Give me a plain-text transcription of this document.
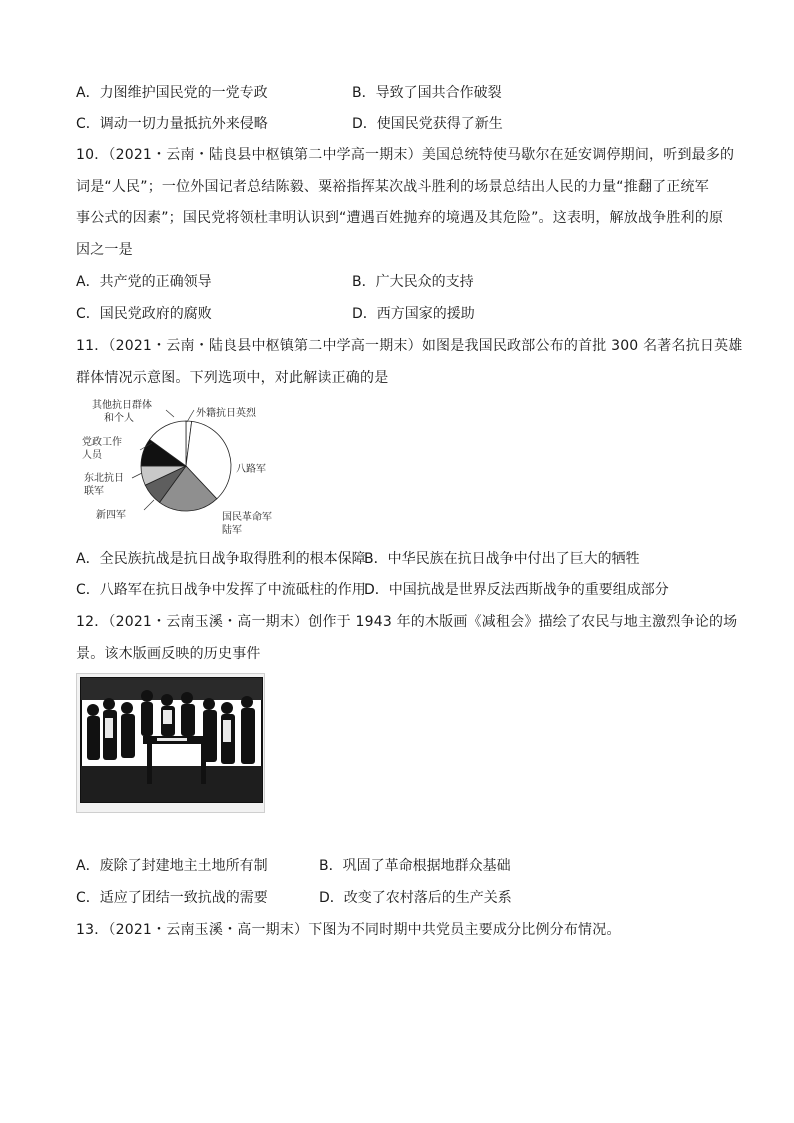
A．力图维护国民党的一党专政	B．导致了国共合作破裂
C．调动一切力量抵抗外来侵略	D．使国民党获得了新生
10．（2021・云南・陆良县中枢镇第二中学高一期末）美国总统特使马歇尔在延安调停期间，听到最多的
词是“人民”；一位外国记者总结陈毅、粟裕指挥某次战斗胜利的场景总结出人民的力量“推翻了正统军
事公式的因素”；国民党将领杜聿明认识到“遭遇百姓抛弃的境遇及其危险”。这表明，解放战争胜利的原
因之一是
A．共产党的正确领导	B．广大民众的支持
C．国民党政府的腐败	D．西方国家的援助
11．（2021・云南・陆良县中枢镇第二中学高一期末）如图是我国民政部公布的首批 300 名著名抗日英雄
群体情况示意图。下列选项中，对此解读正确的是
外籍抗日英烈
其他抗日群体
和个人
党政工作
人员
东北抗日
联军
新四军
八路军
国民革命军
陆军
A．全民族抗战是抗日战争取得胜利的根本保障
B．中华民族在抗日战争中付出了巨大的牺牲
C．八路军在抗日战争中发挥了中流砥柱的作用
D．中国抗战是世界反法西斯战争的重要组成部分
12．（2021・云南玉溪・高一期末）创作于 1943 年的木版画《减租会》描绘了农民与地主激烈争论的场
景。该木版画反映的历史事件
A．废除了封建地主土地所有制	B．巩固了革命根据地群众基础
C．适应了团结一致抗战的需要	D．改变了农村落后的生产关系
13．（2021・云南玉溪・高一期末）下图为不同时期中共党员主要成分比例分布情况。
